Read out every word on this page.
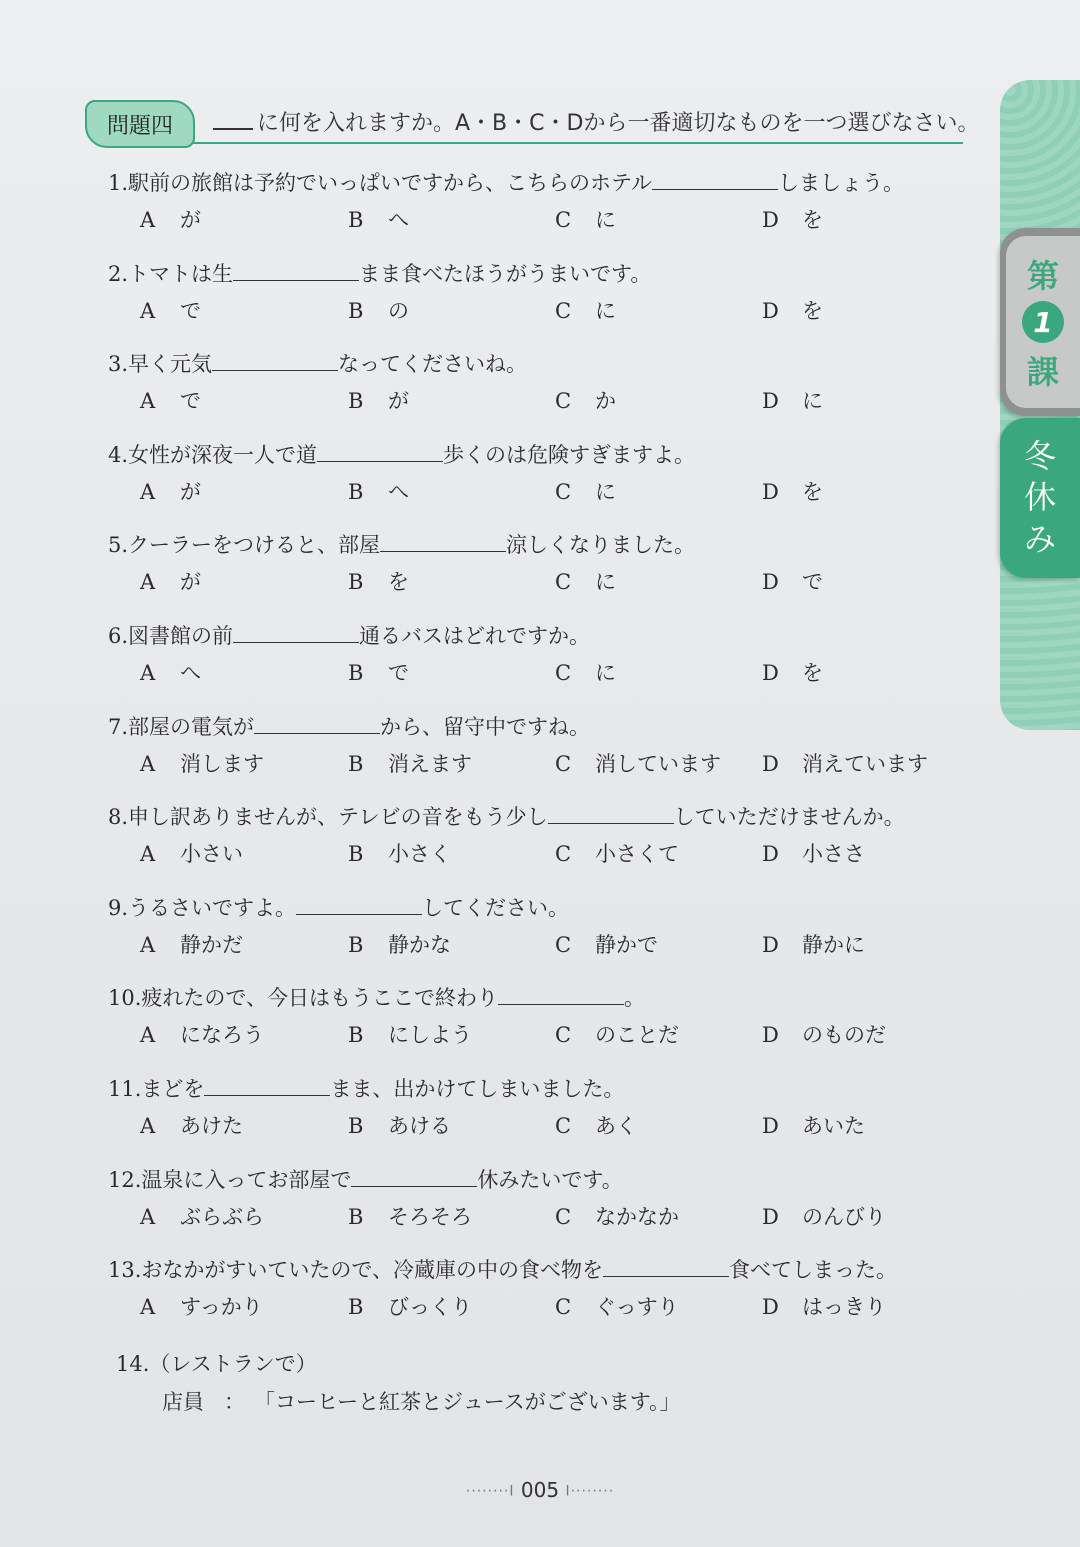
第
1
課
冬
休
み
問題四	に何を入れますか。A・B・C・Dから一番適切なものを一つ選びなさい。
1.駅前の旅館は予約でいっぱいですから、こちらのホテル	しましょう。
A が	B へ	C に	D を
2.トマトは生	まま食べたほうがうまいです。
A で	B の	C に	D を
3.早く元気	なってくださいね。
A で	B が	C か	D に
4.女性が深夜一人で道	歩くのは危険すぎますよ。
A が	B へ	C に	D を
5.クーラーをつけると、部屋	涼しくなりました。
A が	B を	C に	D で
6.図書館の前	通るバスはどれですか。
A へ	B で	C に	D を
7.部屋の電気が	から、留守中ですね。
A 消します	B 消えます	C 消しています D 消えています
8.申し訳ありませんが、テレビの音をもう少し	していただけませんか。
A 小さい	B 小さく	C 小さくて	D 小ささ
9.うるさいですよ。	してください。
A 静かだ	B 静かな	C 静かで	D 静かに
10.疲れたので、今日はもうここで終わり	。
A になろう	B にしよう	C のことだ	D のものだ
11.まどを	まま、出かけてしまいました。
A あけた	B あける	C あく	D あいた
12.温泉に入ってお部屋で	休みたいです。
A ぶらぶら	B そろそろ	C なかなか	D のんびり
13.おなかがすいていたので、冷蔵庫の中の食べ物を	食べてしまった。
A すっかり	B びっくり	C ぐっすり	D はっきり
14.（レストランで）
店員 ： 「コーヒーと紅茶とジュースがございます。」
········I 005 I········
